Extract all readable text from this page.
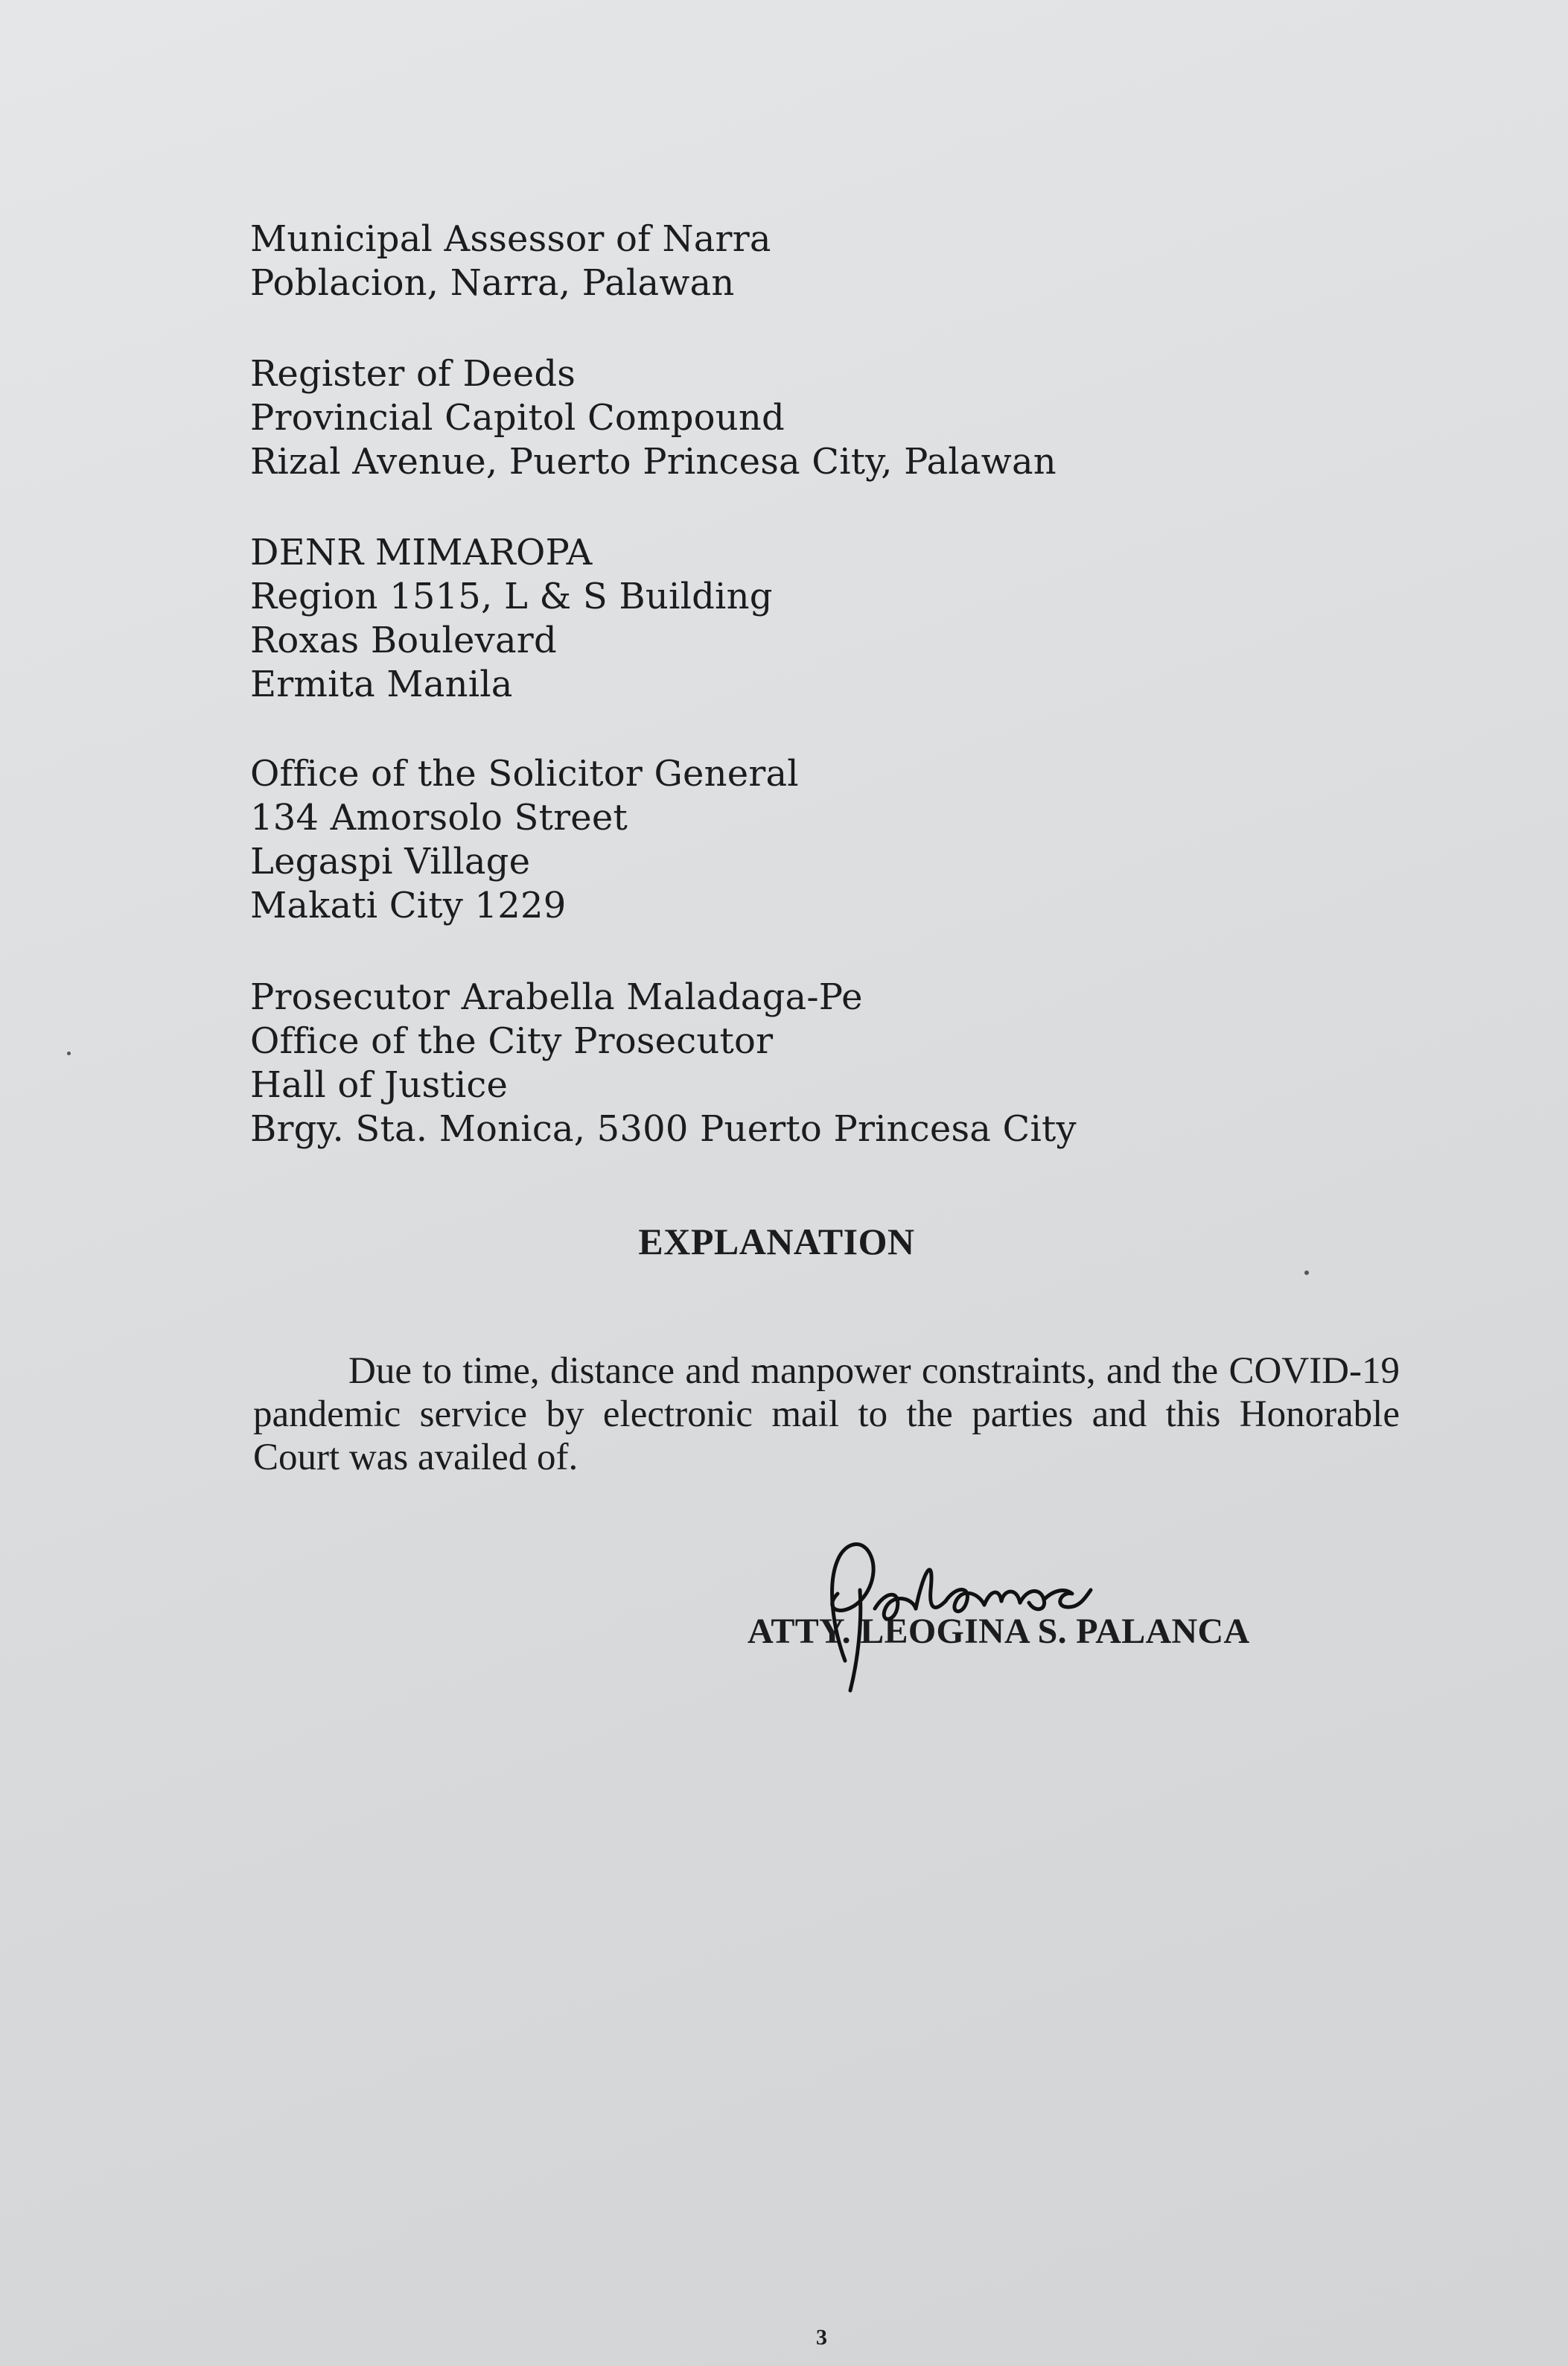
Municipal Assessor of Narra
Poblacion, Narra, Palawan
Register of Deeds
Provincial Capitol Compound
Rizal Avenue, Puerto Princesa City, Palawan
DENR MIMAROPA
Region 1515, L & S Building
Roxas Boulevard
Ermita Manila
Office of the Solicitor General
134 Amorsolo Street
Legaspi Village
Makati City 1229
Prosecutor Arabella Maladaga-Pe
Office of the City Prosecutor
Hall of Justice
Brgy. Sta. Monica, 5300 Puerto Princesa City
EXPLANATION
Due to time, distance and manpower constraints, and the COVID-19 pandemic service by electronic mail to the parties and this Honorable Court was availed of.
ATTY. LEOGINA S. PALANCA
3
